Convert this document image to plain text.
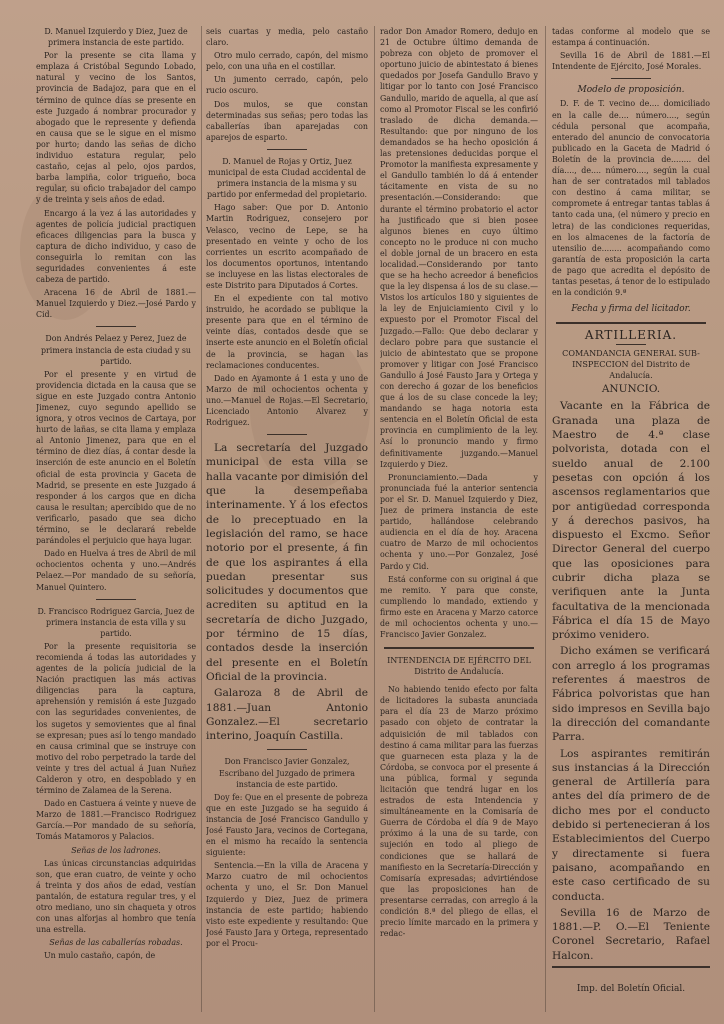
D. Manuel Izquierdo y Diez, Juez de primera instancia de este partido.

Por la presente se cita llama y emplaza á Cristóbal Segundo Lobado, natural y vecino de los Santos, provincia de Badajoz, para que en el término de quince días se presente en este Juzgado á nombrar procurador y abogado que le represente y defienda en causa que se le sigue en el mismo por hurto; dando las señas de dicho individuo estatura regular, pelo castaño, cejas al pelo, ojos pardos, barba lampiña, color trigueño, boca regular, su oficio trabajador del campo y de treinta y seis años de edad.

Encargo á la vez á las autoridades y agentes de policía judicial practiquen eficaces diligencias para la busca y captura de dicho individuo, y caso de conseguirla lo remitan con las seguridades convenientes á este cabeza de partido.

Aracena 16 de Abril de 1881.—Manuel Izquierdo y Diez.—José Pardo y Cid.

Don Andrés Pelaez y Perez, Juez de primera instancia de esta ciudad y su partido.

Por el presente y en virtud de providencia dictada en la causa que se sigue en este Juzgado contra Antonio Jimenez, cuyo segundo apellido se ignora, y otros vecinos de Cartaya, por hurto de lañas, se cita llama y emplaza al Antonio Jimenez, para que en el término de diez días, á contar desde la inserción de este anuncio en el Boletín oficial de esta provincia y Gaceta de Madrid, se presente en este Juzgado á responder á los cargos que en dicha causa le resultan; apercibido que de no verificarlo, pasado que sea dicho término, se le declarará rebelde parándoles el perjuicio que haya lugar.

Dado en Huelva á tres de Abril de mil ochocientos ochenta y uno.—Andrés Pelaez.—Por mandado de su señoría, Manuel Quintero.

D. Francisco Rodriguez Garcia, Juez de primera instancia de esta villa y su partido.

Por la presente requisitoria se recomienda á todas las autoridades y agentes de la policía judicial de la Nación practiquen las más activas diligencias para la captura, aprehensión y remisión á este Juzgado con las seguridades convenientes, de los sugetos y semovientes que al final se expresan; pues así lo tengo mandado en causa criminal que se instruye con motivo del robo perpetrado la tarde del veinte y tres del actual á Juan Nuñez Calderon y otro, en despoblado y en término de Zalamea de la Serena.

Dado en Castuera á veinte y nueve de Marzo de 1881.—Francisco Rodriguez García.—Por mandado de su señoría, Tomás Matamoros y Palacios.

Señas de los ladrones.

Las únicas circunstancias adquiridas son, que eran cuatro, de veinte y ocho á treinta y dos años de edad, vestían pantalón, de estatura regular tres, y el otro mediano, uno sin chaqueta y otros con unas alforjas al hombro que tenía una estrella.

Señas de las caballerías robadas.

Un mulo castaño, capón, de

seis cuartas y media, pelo castaño claro.

Otro mulo cerrado, capón, del mismo pelo, con una uña en el costillar.

Un jumento cerrado, capón, pelo rucio oscuro.

Dos mulos, se que constan determinadas sus señas; pero todas las caballerías iban aparejadas con aparejos de esparto.

D. Manuel de Rojas y Ortiz, Juez municipal de esta Ciudad accidental de primera instancia de la misma y su partido por enfermedad del propietario.

Hago saber: Que por D. Antonio Martin Rodriguez, consejero por Velasco, vecino de Lepe, se ha presentado en veinte y ocho de los corrientes un escrito acompañado de los documentos oportunos, intentando se incluyese en las listas electorales de este Distrito para Diputados á Cortes.

En el expediente con tal motivo instruido, he acordado se publique la presente para que en el término de veinte días, contados desde que se inserte este anuncio en el Boletín oficial de la provincia, se hagan las reclamaciones conducentes.

Dado en Ayamonte á 1 esta y uno de Marzo de mil ochocientos ochenta y uno.—Manuel de Rojas.—El Secretario, Licenciado Antonio Alvarez y Rodriguez.

La secretaría del Juzgado municipal de esta villa se halla vacante por dimisión del que la desempeñaba interinamente. Y á los efectos de lo preceptuado en la legislación del ramo, se hace notorio por el presente, á fin de que los aspirantes á ella puedan presentar sus solicitudes y documentos que acrediten su aptitud en la secretaría de dicho Juzgado, por término de 15 días, contados desde la inserción del presente en el Boletín Oficial de la provincia.

Galaroza 8 de Abril de 1881.—Juan Antonio Gonzalez.—El secretario interino, Joaquín Castilla.

Don Francisco Javier Gonzalez, Escribano del Juzgado de primera instancia de este partido.

Doy fe: Que en el presente de pobreza que en este Juzgado se ha seguido á instancia de José Francisco Gandullo y José Fausto Jara, vecinos de Cortegana, en el mismo ha recaído la sentencia siguiente:

Sentencia.—En la villa de Aracena y Marzo cuatro de mil ochocientos ochenta y uno, el Sr. Don Manuel Izquierdo y Diez, Juez de primera instancia de este partido; habiendo visto este expediente y resultando: Que José Fausto Jara y Ortega, representado por el Procu-

rador Don Amador Romero, dedujo en 21 de Octubre último demanda de pobreza con objeto de promover el oportuno juicio de abintestato á bienes quedados por Josefa Gandullo Bravo y litigar por lo tanto con José Francisco Gandullo, marido de aquella, al que así como al Promotor Fiscal se les confirió traslado de dicha demanda.—Resultando: que por ninguno de los demandados se ha hecho oposición á las pretensiones deducidas porque el Promotor la manifiesta expresamente y el Gandullo también lo dá á entender tácitamente en vista de su no presentación.—Considerando: que durante el término probatorio el actor ha justificado que si bien posee algunos bienes en cuyo último concepto no le produce ni con mucho el doble jornal de un bracero en esta localidad.—Considerando por tanto que se ha hecho acreedor á beneficios que la ley dispensa á los de su clase.—Vistos los artículos 180 y siguientes de la ley de Enjuiciamiento Civil y lo expuesto por el Promotor Fiscal del Juzgado.—Fallo: Que debo declarar y declaro pobre para que sustancie el juicio de abintestato que se propone promover y litigar con José Francisco Gandullo á José Fausto Jara y Ortega y con derecho á gozar de los beneficios que á los de su clase concede la ley; mandando se haga notoria esta sentencia en el Boletín Oficial de esta provincia en cumplimiento de la ley. Así lo pronuncio mando y firmo definitivamente juzgando.—Manuel Izquierdo y Diez.

Pronunciamiento.—Dada y pronunciada fué la anterior sentencia por el Sr. D. Manuel Izquierdo y Diez, Juez de primera instancia de este partido, hallándose celebrando audiencia en el día de hoy. Aracena cuatro de Marzo de mil ochocientos ochenta y uno.—Por Gonzalez, José Pardo y Cid.

Está conforme con su original á que me remito. Y para que conste, cumpliendo lo mandado, extiendo y firmo este en Aracena y Marzo catorce de mil ochocientos ochenta y uno.—Francisco Javier Gonzalez.

INTENDENCIA DE EJÉRCITO DEL Distrito de Andalucía.

No habiendo tenido efecto por falta de licitadores la subasta anunciada para el día 23 de Marzo próximo pasado con objeto de contratar la adquisición de mil tablados con destino á cama militar para las fuerzas que guarnecen esta plaza y la de Córdoba, se convoca por el presente á una pública, formal y segunda licitación que tendrá lugar en los estrados de esta Intendencia y simultáneamente en la Comisaría de Guerra de Córdoba el día 9 de Mayo próximo á la una de su tarde, con sujeción en todo al pliego de condiciones que se hallará de manifiesto en la Secretaría-Dirección y Comisaría expresadas; advirtiéndose que las proposiciones han de presentarse cerradas, con arreglo á la condición 8.ª del pliego de ellas, el precio límite marcado en la primera y redac-

tadas conforme al modelo que se estampa á continuación.

Sevilla 16 de Abril de 1881.—El Intendente de Ejército, José Morales.

Modelo de proposición.

D. F. de T. vecino de.... domiciliado en la calle de.... número...., según cédula personal que acompaña, enterado del anuncio de convocatoria publicado en la Gaceta de Madrid ó Boletín de la provincia de........ del día...., de.... número...., según la cual han de ser contratados mil tablados con destino á cama militar, se compromete á entregar tantas tablas á tanto cada una, (el número y precio en letra) de las condiciones requeridas, en los almacenes de la factoría de utensilio de........ acompañando como garantía de esta proposición la carta de pago que acredita el depósito de tantas pesetas, á tenor de lo estipulado en la condición 9.ª

Fecha y firma del licitador.

ARTILLERIA.

COMANDANCIA GENERAL SUB-INSPECCION del Distrito de Andalucía.

ANUNCIO.

Vacante en la Fábrica de Granada una plaza de Maestro de 4.ª clase polvorista, dotada con el sueldo anual de 2.100 pesetas con opción á los ascensos reglamentarios que por antigüedad corresponda y á derechos pasivos, ha dispuesto el Excmo. Señor Director General del cuerpo que las oposiciones para cubrir dicha plaza se verifiquen ante la Junta facultativa de la mencionada Fábrica el día 15 de Mayo próximo venidero.

Dicho exámen se verificará con arreglo á los programas referentes á maestros de Fábrica polvoristas que han sido impresos en Sevilla bajo la dirección del comandante Parra.

Los aspirantes remitirán sus instancias á la Dirección general de Artillería para antes del día primero de de dicho mes por el conducto debido si pertenecieran á los Establecimientos del Cuerpo y directamente si fuera paisano, acompañando en este caso certificado de su conducta.

Sevilla 16 de Marzo de 1881.—P. O.—El Teniente Coronel Secretario, Rafael Halcon.

Imp. del Boletín Oficial.
